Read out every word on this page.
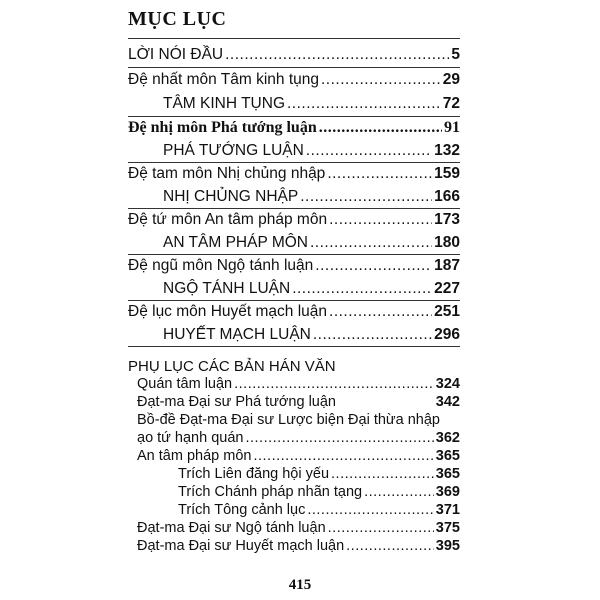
MỤC LỤC
LỜI NÓI ĐẦU .....	5
Đệ nhất môn Tâm kinh tụng .....	29
TÂM KINH TỤNG .....	72
Đệ nhị môn Phá tướng luận .....	91
PHÁ TƯỚNG LUẬN .....	132
Đệ tam môn Nhị chủng nhập .....	159
NHỊ CHỦNG NHẬP .....	166
Đệ tứ môn An tâm pháp môn .....	173
AN TÂM PHÁP MÔN .....	180
Đệ ngũ môn Ngộ tánh luận .....	187
NGỘ TÁNH LUẬN .....	227
Đệ lục môn Huyết mạch luận .....	251
HUYẾT MẠCH LUẬN .....	296
PHỤ LỤC CÁC BẢN HÁN VĂN
Quán tâm luận .....	324
Đạt-ma Đại sư Phá tướng luận	342
Bồ-đề Đạt-ma Đại sư Lược biện Đại thừa nhập
ạo tứ hạnh quán .....	362
An tâm pháp môn .....	365
Trích Liên đăng hội yếu .....	365
Trích Chánh pháp nhãn tạng .....	369
Trích Tông cảnh lục .....	371
Đạt-ma Đại sư Ngộ tánh luận .....	375
Đạt-ma Đại sư Huyết mạch luận .....	395
415
